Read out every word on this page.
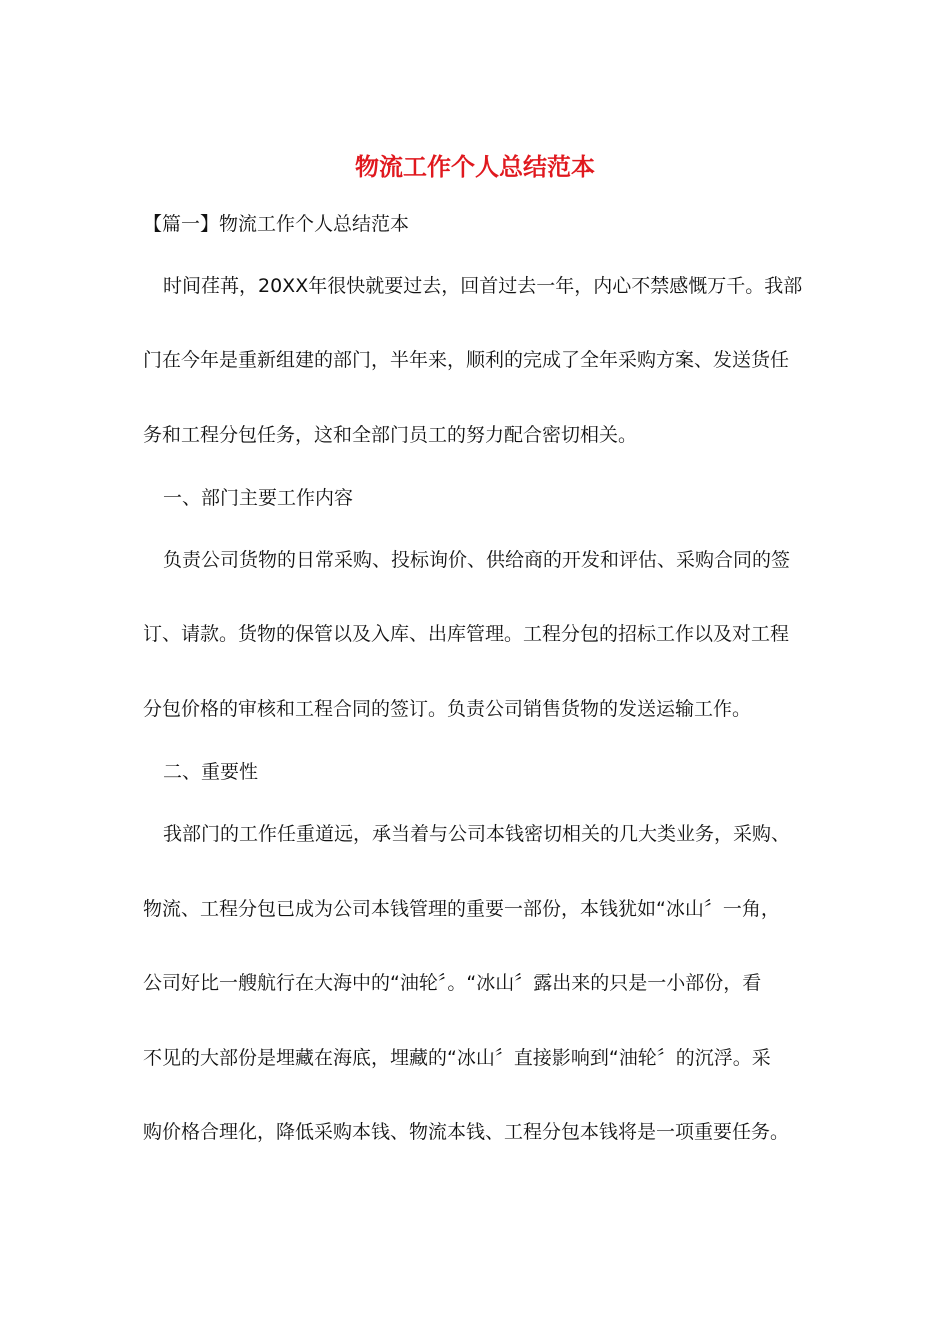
物流工作个人总结范本
【篇一】物流工作个人总结范本
时间荏苒，20XX年很快就要过去，回首过去一年，内心不禁感慨万千。我部
门在今年是重新组建的部门，半年来，顺利的完成了全年采购方案、发送货任
务和工程分包任务，这和全部门员工的努力配合密切相关。
一、部门主要工作内容
负责公司货物的日常采购、投标询价、供给商的开发和评估、采购合同的签
订、请款。货物的保管以及入库、出库管理。工程分包的招标工作以及对工程
分包价格的审核和工程合同的签订。负责公司销售货物的发送运输工作。
二、重要性
我部门的工作任重道远，承当着与公司本钱密切相关的几大类业务，采购、
物流、工程分包已成为公司本钱管理的重要一部份，本钱犹如“冰山〞一角，
公司好比一艘航行在大海中的“油轮〞。“冰山〞露出来的只是一小部份，看
不见的大部份是埋藏在海底，埋藏的“冰山〞直接影响到“油轮〞的沉浮。采
购价格合理化，降低采购本钱、物流本钱、工程分包本钱将是一项重要任务。
